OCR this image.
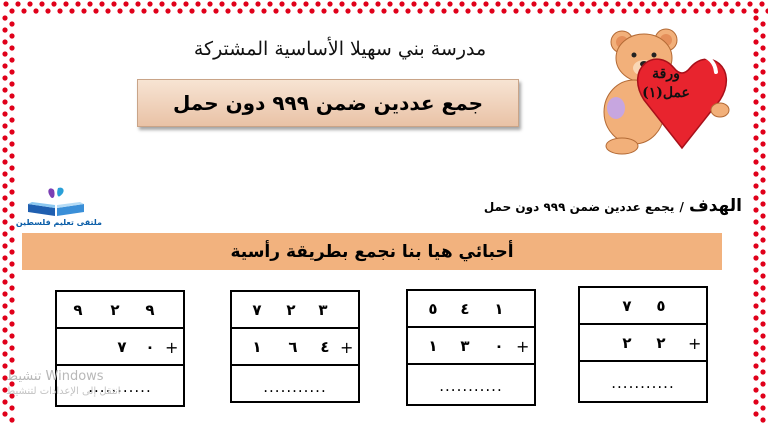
مدرسة بني سهيلا الأساسية المشتركة
جمع عددين ضمن ٩٩٩ دون حمل
ورقة
عمل(١)
ملتقى تعليم فلسطين
الهدف / يجمع عددين ضمن ٩٩٩ دون حمل
أحبائي هيا بنا نجمع بطريقة رأسية
٩ ٢ ٩
٧ ٠ +
...........
٧ ٢ ٣
١ ٦ ٤ +
...........
٥ ٤ ١
١ ٣ ٠ +
...........
٧ ٥
٢ ٢ +
...........
تنشيط Windows
انتقل إلى الإعدادات لتنشيط
